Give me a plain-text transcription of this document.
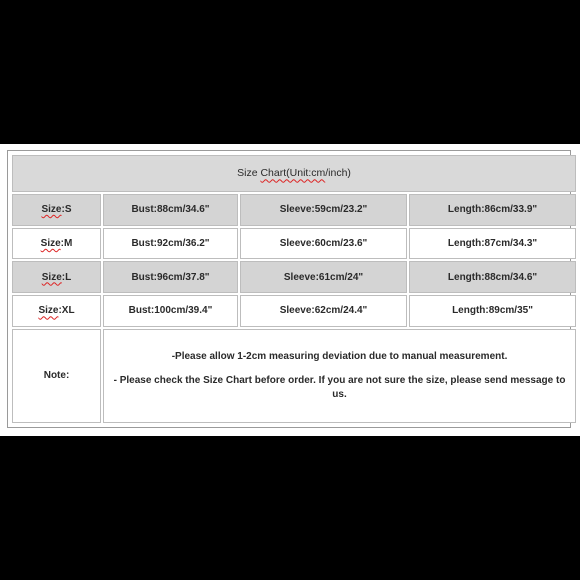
Size Chart(Unit:cm/inch)			
Size:S	Bust:88cm/34.6"	Sleeve:59cm/23.2"	Length:86cm/33.9"
Size:M	Bust:92cm/36.2"	Sleeve:60cm/23.6"	Length:87cm/34.3"
Size:L	Bust:96cm/37.8"	Sleeve:61cm/24"	Length:88cm/34.6"
Size:XL	Bust:100cm/39.4"	Sleeve:62cm/24.4"	Length:89cm/35"
Note:	-Please allow 1-2cm measuring deviation due to manual measurement.
- Please check the Size Chart before order. If you are not sure the size, please send message to us.		
